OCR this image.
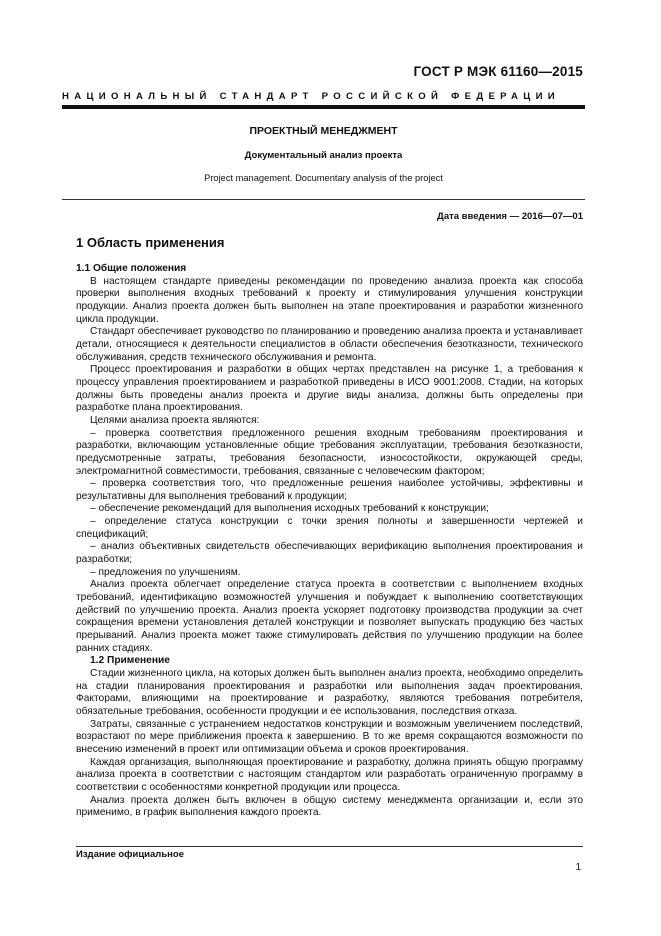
ГОСТ Р МЭК 61160—2015
НАЦИОНАЛЬНЫЙ СТАНДАРТ РОССИЙСКОЙ ФЕДЕРАЦИИ
ПРОЕКТНЫЙ МЕНЕДЖМЕНТ
Документальный анализ проекта
Project management. Documentary analysis of the project
Дата введения — 2016—07—01
1 Область применения
1.1 Общие положения

В настоящем стандарте приведены рекомендации по проведению анализа проекта как способа проверки выполнения входных требований к проекту и стимулирования улучшения конструкции продукции. Анализ проекта должен быть выполнен на этапе проектирования и разработки жизненного цикла продукции.

Стандарт обеспечивает руководство по планированию и проведению анализа проекта и устанавливает детали, относящиеся к деятельности специалистов в области обеспечения безотказности, технического обслуживания, средств технического обслуживания и ремонта.

Процесс проектирования и разработки в общих чертах представлен на рисунке 1, а требования к процессу управления проектированием и разработкой приведены в ИСО 9001:2008. Стадии, на которых должны быть проведены анализ проекта и другие виды анализа, должны быть определены при разработке плана проектирования.

Целями анализа проекта являются:

– проверка соответствия предложенного решения входным требованиям проектирования и разработки, включающим установленные общие требования эксплуатации, требования безотказности, предусмотренные затраты, требования безопасности, износостойкости, окружающей среды, электромагнитной совместимости, требования, связанные с человеческим фактором;

– проверка соответствия того, что предложенные решения наиболее устойчивы, эффективны и результативны для выполнения требований к продукции;

– обеспечение рекомендаций для выполнения исходных требований к конструкции;

– определение статуса конструкции с точки зрения полноты и завершенности чертежей и спецификаций;

– анализ объективных свидетельств обеспечивающих верификацию выполнения проектирования и разработки;

– предложения по улучшениям.

Анализ проекта облегчает определение статуса проекта в соответствии с выполнением входных требований, идентификацию возможностей улучшения и побуждает к выполнению соответствующих действий по улучшению проекта. Анализ проекта ускоряет подготовку производства продукции за счет сокращения времени установления деталей конструкции и позволяет выпускать продукцию без частых прерываний. Анализ проекта может также стимулировать действия по улучшению продукции на более ранних стадиях.

1.2 Применение

Стадии жизненного цикла, на которых должен быть выполнен анализ проекта, необходимо определить на стадии планирования проектирования и разработки или выполнения задач проектирования. Факторами, влияющими на проектирование и разработку, являются требования потребителя, обязательные требования, особенности продукции и ее использования, последствия отказа.

Затраты, связанные с устранением недостатков конструкции и возможным увеличением последствий, возрастают по мере приближения проекта к завершению. В то же время сокращаются возможности по внесению изменений в проект или оптимизации объема и сроков проектирования.

Каждая организация, выполняющая проектирование и разработку, должна принять общую программу анализа проекта в соответствии с настоящим стандартом или разработать ограниченную программу в соответствии с особенностями конкретной продукции или процесса.

Анализ проекта должен быть включен в общую систему менеджмента организации и, если это применимо, в график выполнения каждого проекта.

Издание официальное
1
